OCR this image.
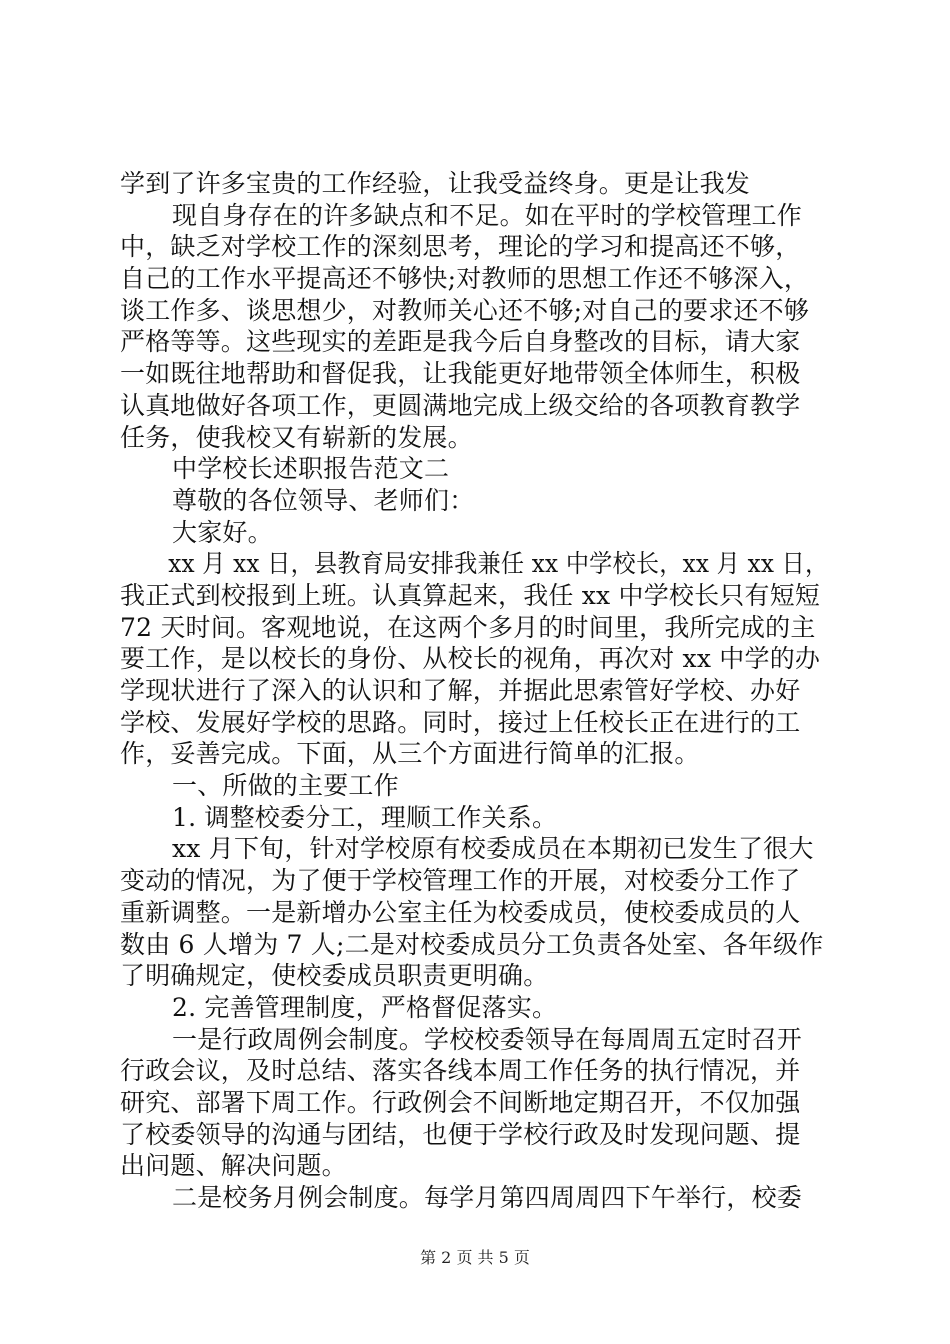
学到了许多宝贵的工作经验，让我受益终身。更是让我发
现自身存在的许多缺点和不足。如在平时的学校管理工作
中，缺乏对学校工作的深刻思考，理论的学习和提高还不够，
自己的工作水平提高还不够快;对教师的思想工作还不够深入，
谈工作多、谈思想少，对教师关心还不够;对自己的要求还不够
严格等等。这些现实的差距是我今后自身整改的目标，请大家
一如既往地帮助和督促我，让我能更好地带领全体师生，积极
认真地做好各项工作，更圆满地完成上级交给的各项教育教学
任务，使我校又有崭新的发展。
中学校长述职报告范文二
尊敬的各位领导、老师们：
大家好。
xx 月 xx 日，县教育局安排我兼任 xx 中学校长，xx 月 xx 日，
我正式到校报到上班。认真算起来，我任 xx 中学校长只有短短
72 天时间。客观地说，在这两个多月的时间里，我所完成的主
要工作，是以校长的身份、从校长的视角，再次对 xx 中学的办
学现状进行了深入的认识和了解，并据此思索管好学校、办好
学校、发展好学校的思路。同时，接过上任校长正在进行的工
作，妥善完成。下面，从三个方面进行简单的汇报。
一、所做的主要工作
1. 调整校委分工，理顺工作关系。
xx 月下旬，针对学校原有校委成员在本期初已发生了很大
变动的情况，为了便于学校管理工作的开展，对校委分工作了
重新调整。一是新增办公室主任为校委成员，使校委成员的人
数由 6 人增为 7 人;二是对校委成员分工负责各处室、各年级作
了明确规定，使校委成员职责更明确。
2. 完善管理制度，严格督促落实。
一是行政周例会制度。学校校委领导在每周周五定时召开
行政会议，及时总结、落实各线本周工作任务的执行情况，并
研究、部署下周工作。行政例会不间断地定期召开，不仅加强
了校委领导的沟通与团结，也便于学校行政及时发现问题、提
出问题、解决问题。
二是校务月例会制度。每学月第四周周四下午举行，校委
第 2 页 共 5 页
